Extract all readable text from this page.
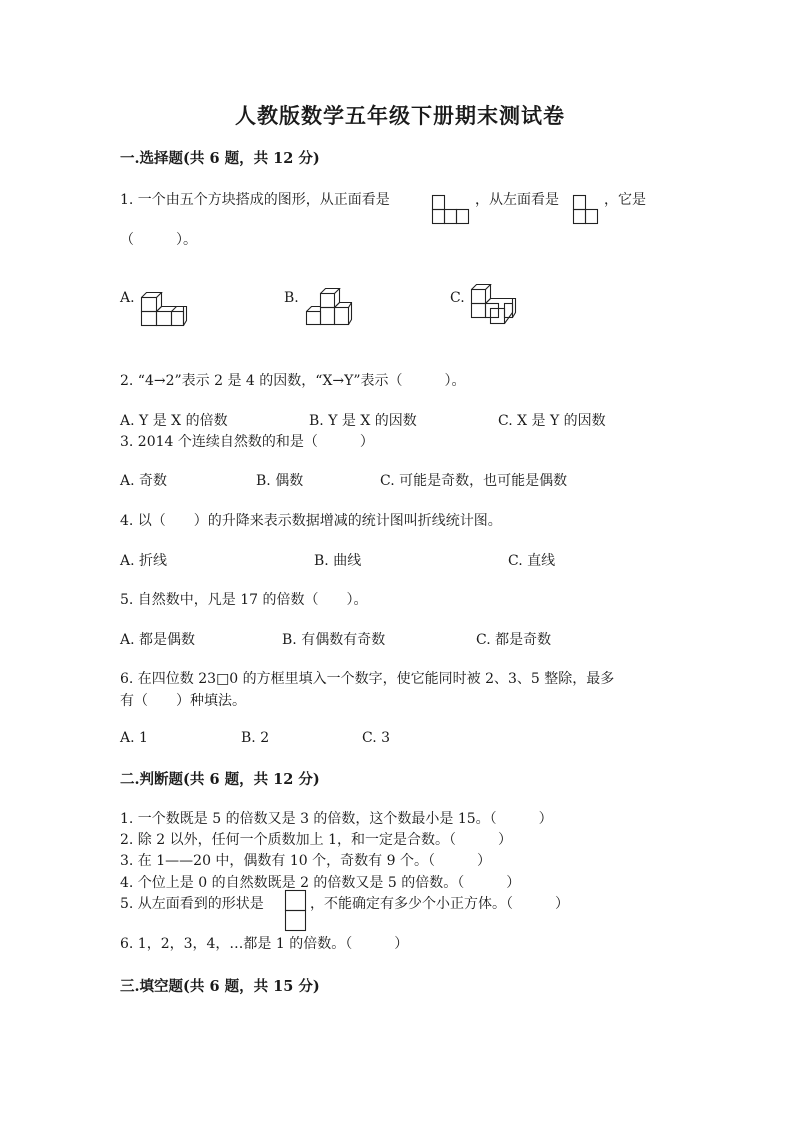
人教版数学五年级下册期末测试卷
一.选择题(共 6 题，共 12 分)
1. 一个由五个方块搭成的图形，从正面看是	，从左面看是	，它是
（　　　）。
A.	B.	C.
2. “4→2”表示 2 是 4 的因数，“X→Y”表示（　　　）。
A. Y 是 X 的倍数	B. Y 是 X 的因数	C. X 是 Y 的因数
3. 2014 个连续自然数的和是（　　　）
A. 奇数	B. 偶数	C. 可能是奇数，也可能是偶数
4. 以（　　）的升降来表示数据增减的统计图叫折线统计图。
A. 折线	B. 曲线	C. 直线
5. 自然数中，凡是 17 的倍数（　　）。
A. 都是偶数	B. 有偶数有奇数	C. 都是奇数
6. 在四位数 23□0 的方框里填入一个数字，使它能同时被 2、3、5 整除，最多
有（　　）种填法。
A. 1	B. 2	C. 3
二.判断题(共 6 题，共 12 分)
1. 一个数既是 5 的倍数又是 3 的倍数，这个数最小是 15。（　　　）
2. 除 2 以外，任何一个质数加上 1，和一定是合数。（　　　）
3. 在 1——20 中，偶数有 10 个，奇数有 9 个。（　　　）
4. 个位上是 0 的自然数既是 2 的倍数又是 5 的倍数。（　　　）
5. 从左面看到的形状是	，不能确定有多少个小正方体。（　　　）
6. 1，2，3，4，…都是 1 的倍数。（　　　）
三.填空题(共 6 题，共 15 分)
